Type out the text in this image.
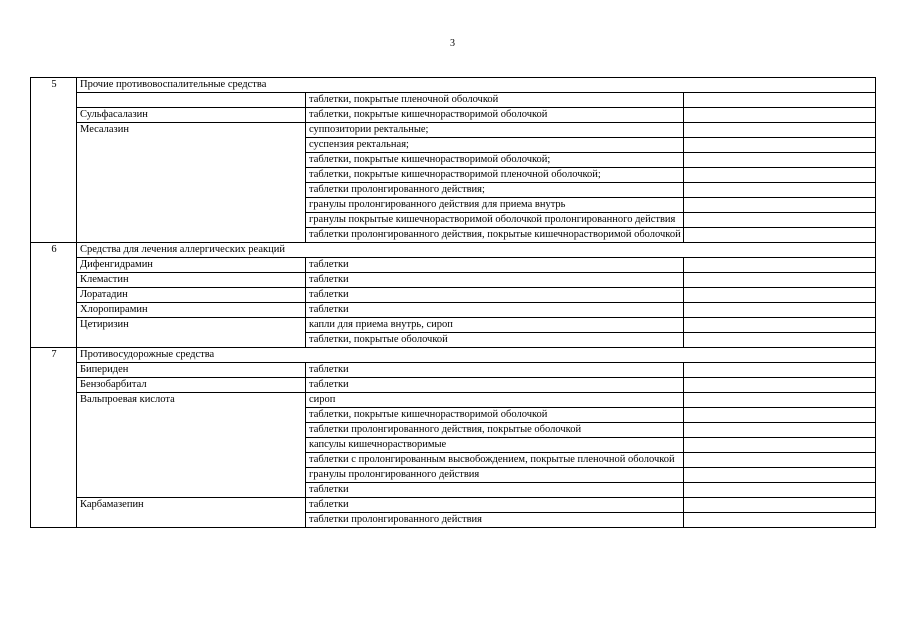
3
5	Прочие противовоспалительные средства		
		таблетки, покрытые пленочной оболочкой	
	Сульфасалазин	таблетки, покрытые кишечнорастворимой оболочкой	
	Месалазин	суппозитории ректальные;	
		суспензия ректальная;	
		таблетки, покрытые кишечнорастворимой оболочкой;	
		таблетки, покрытые кишечнорастворимой пленочной оболочкой;	
		таблетки пролонгированного действия;	
		гранулы пролонгированного действия для приема внутрь	
		гранулы покрытые кишечнорастворимой оболочкой пролонгированного действия	
		таблетки пролонгированного действия, покрытые кишечнорастворимой оболочкой	
6	Средства для лечения аллергических реакций		
	Дифенгидрамин	таблетки	
	Клемастин	таблетки	
	Лоратадин	таблетки	
	Хлоропирамин	таблетки	
	Цетиризин	капли для приема внутрь, сироп	
		таблетки, покрытые оболочкой	
7	Противосудорожные средства		
	Бипериден	таблетки	
	Бензобарбитал	таблетки	
	Вальпроевая кислота	сироп	
		таблетки, покрытые кишечнорастворимой оболочкой	
		таблетки пролонгированного действия, покрытые оболочкой	
		капсулы кишечнорастворимые	
		таблетки с пролонгированным высвобождением, покрытые пленочной оболочкой	
		гранулы пролонгированного действия	
		таблетки	
	Карбамазепин	таблетки	
		таблетки пролонгированного действия	
